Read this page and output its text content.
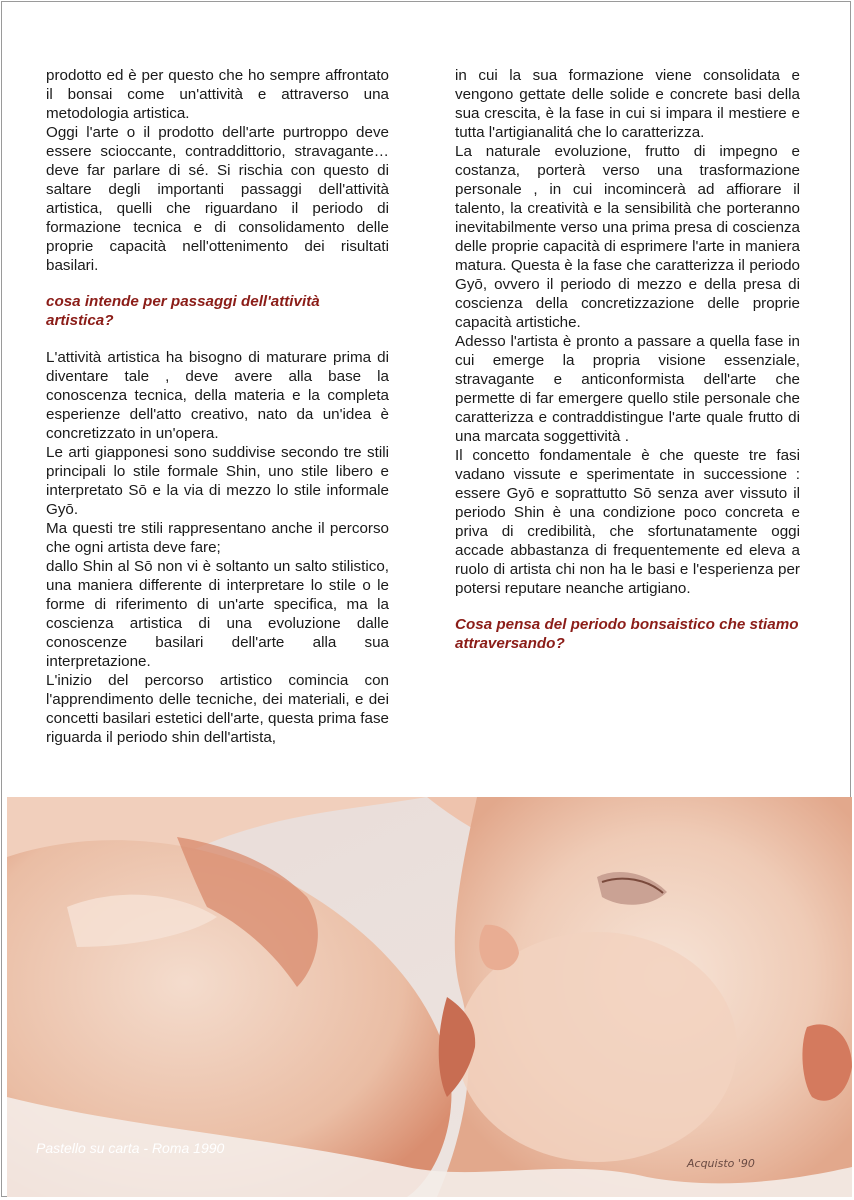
prodotto ed è per questo che ho sempre affrontato il bonsai come un'attività e attraverso una metodologia artistica.

Oggi l'arte o il prodotto dell'arte purtroppo deve essere scioccante, contraddittorio, stravagante… deve far parlare di sé. Si rischia con questo di saltare degli importanti passaggi dell'attività artistica, quelli che riguardano il periodo di formazione tecnica e di consolidamento delle proprie capacità nell'ottenimento dei risultati basilari.

cosa intende per passaggi dell'attività artistica?

L'attività artistica ha bisogno di maturare prima di diventare tale , deve avere alla base la conoscenza tecnica, della materia e la completa esperienze dell'atto creativo, nato da un'idea è concretizzato in un'opera.

Le arti giapponesi sono suddivise secondo tre stili principali lo stile formale Shin, uno stile libero e interpretato Sō e la via di mezzo lo stile informale Gyō.

Ma questi tre stili rappresentano anche il percorso che ogni artista deve fare;

dallo Shin al Sō non vi è soltanto un salto stilistico, una maniera differente di interpretare lo stile o le forme di riferimento di un'arte specifica, ma la coscienza artistica di una evoluzione dalle conoscenze basilari dell'arte alla sua interpretazione.

L'inizio del percorso artistico comincia con l'apprendimento delle tecniche, dei materiali, e dei concetti basilari estetici dell'arte, questa prima fase riguarda il periodo shin dell'artista,

in cui la sua formazione viene consolidata e vengono gettate delle solide e concrete basi della sua crescita, è la fase in cui si impara il mestiere e tutta l'artigianalitá che lo caratterizza.

La naturale evoluzione, frutto di impegno e costanza, porterà verso una trasformazione personale , in cui incomincerà ad affiorare il talento, la creatività e la sensibilità che porteranno inevitabilmente verso una prima presa di coscienza delle proprie capacità di esprimere l'arte in maniera matura. Questa è la fase che caratterizza il periodo Gyō, ovvero il periodo di mezzo e della presa di coscienza della concretizzazione delle proprie capacità artistiche.

Adesso l'artista è pronto a passare a quella fase in cui emerge la propria visione essenziale, stravagante e anticonformista dell'arte che permette di far emergere quello stile personale che caratterizza e contraddistingue l'arte quale frutto di una marcata soggettività .

Il concetto fondamentale è che queste tre fasi vadano vissute e sperimentate in successione : essere Gyō e soprattutto Sō senza aver vissuto il periodo Shin è una condizione poco concreta e priva di credibilità, che sfortunatamente oggi accade abbastanza di frequentemente ed eleva a ruolo di artista chi non ha le basi e l'esperienza per potersi reputare neanche artigiano.

Cosa pensa del periodo bonsaistico che stiamo attraversando?

Acquisto '90
Pastello su carta - Roma 1990
